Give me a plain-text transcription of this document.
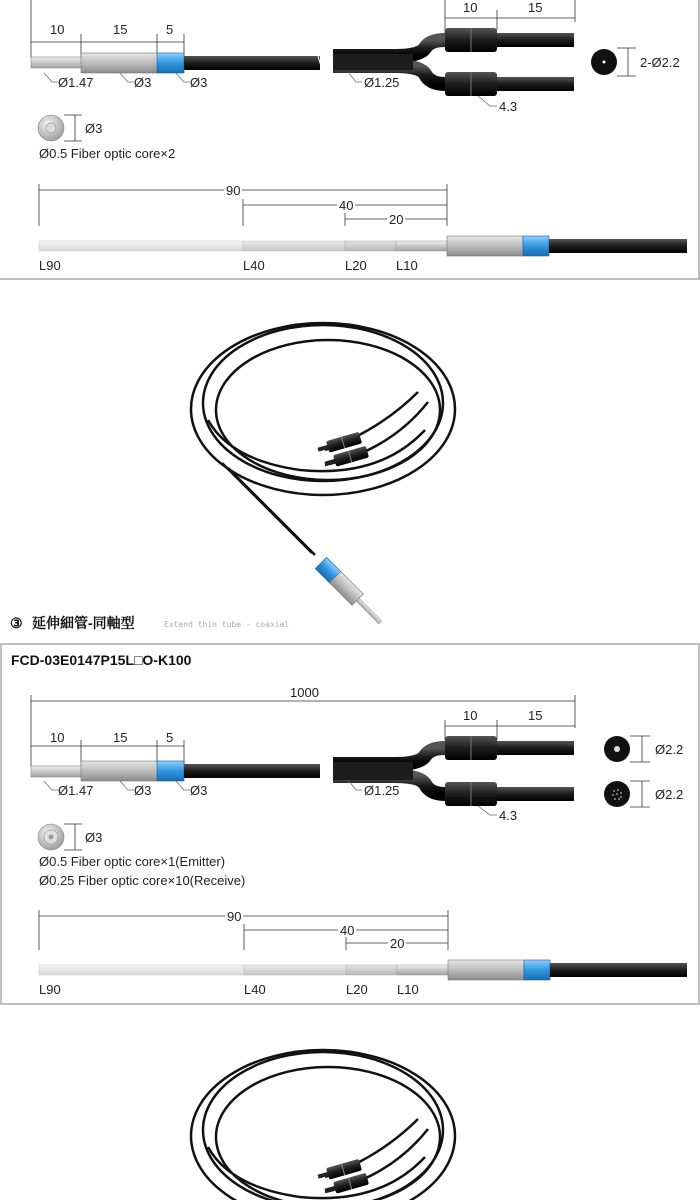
10	15	5
10	15
Ø1.47	Ø3	Ø3	Ø1.25
4.3
2-Ø2.2
Ø3
Ø0.5 Fiber optic core×2
90
40
20
L90	L40	L20 L10
③ 延伸細管-同軸型	Extend thin tube - coaxial
FCD-03E0147P15L□O-K100
1000
10	15	5
10	15
Ø1.47	Ø3	Ø3	Ø1.25
4.3
Ø2.2
Ø2.2
Ø3
Ø0.5 Fiber optic core×1(Emitter)
Ø0.25 Fiber optic core×10(Receive)
90
40
20
L90	L40	L20 L10
